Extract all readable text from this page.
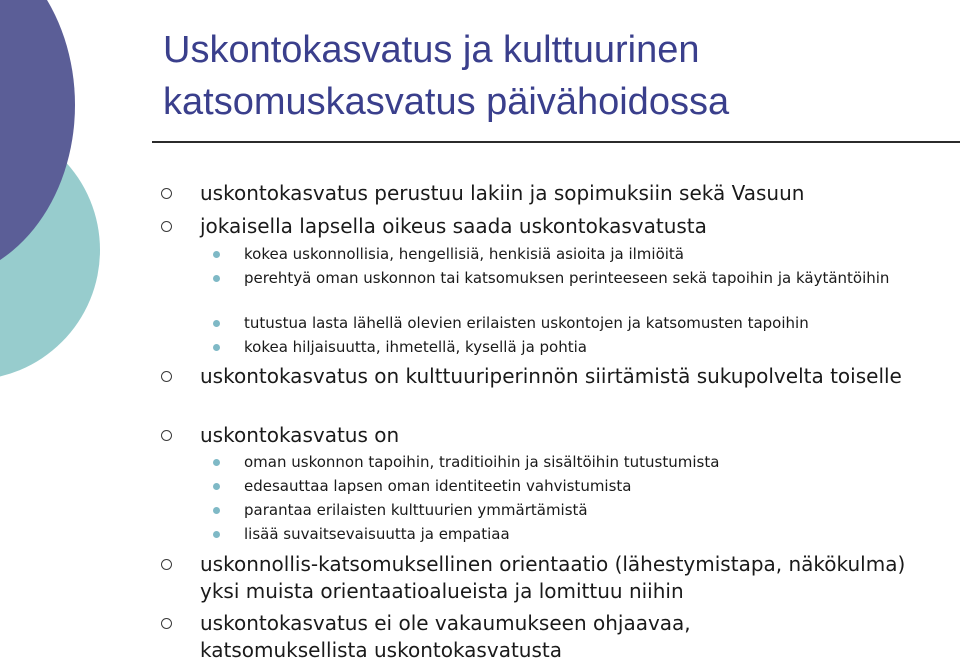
Uskontokasvatus ja kulttuurinen katsomuskasvatus päivähoidossa
uskontokasvatus perustuu lakiin ja sopimuksiin sekä Vasuun
jokaisella lapsella oikeus saada uskontokasvatusta
kokea uskonnollisia, hengellisiä, henkisiä asioita ja ilmiöitä
perehtyä oman uskonnon tai katsomuksen perinteeseen sekä tapoihin ja käytäntöihin
tutustua lasta lähellä olevien erilaisten uskontojen ja katsomusten tapoihin
kokea hiljaisuutta, ihmetellä, kysellä ja pohtia
uskontokasvatus on kulttuuriperinnön siirtämistä sukupolvelta toiselle
uskontokasvatus on
oman uskonnon tapoihin, traditioihin ja sisältöihin tutustumista
edesauttaa lapsen oman identiteetin vahvistumista
parantaa erilaisten kulttuurien ymmärtämistä
lisää suvaitsevaisuutta ja empatiaa
uskonnollis-katsomuksellinen orientaatio (lähestymistapa, näkökulma) yksi muista orientaatioalueista ja lomittuu niihin
uskontokasvatus ei ole vakaumukseen ohjaavaa, katsomuksellista uskontokasvatusta
